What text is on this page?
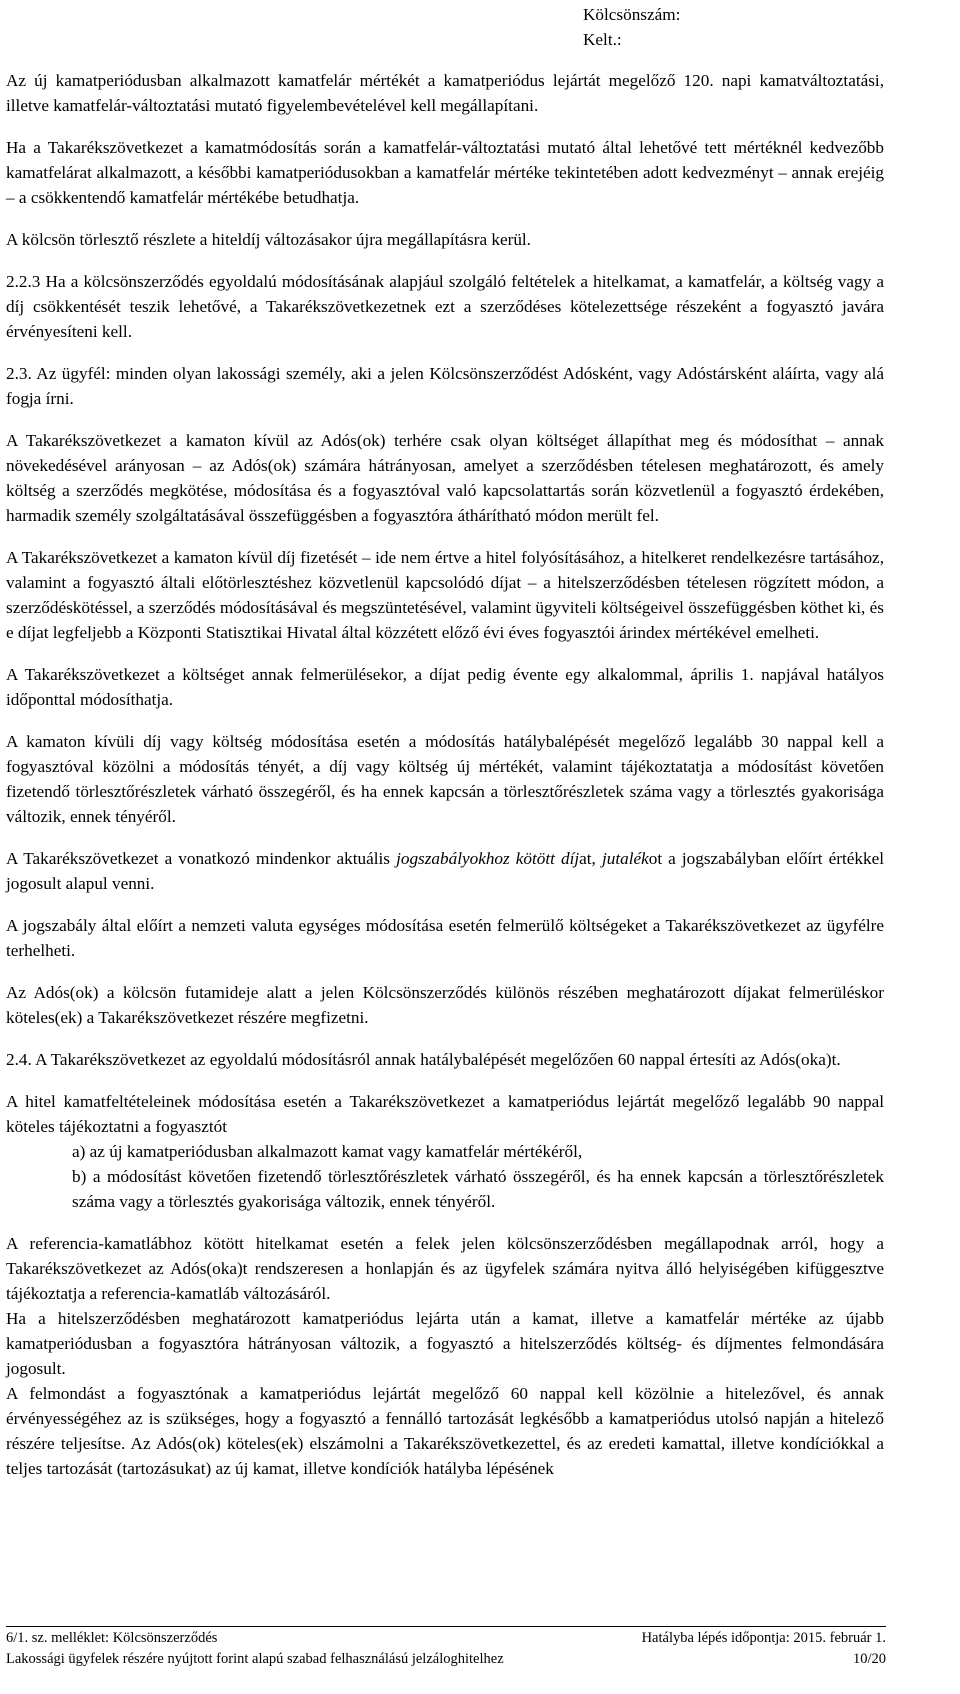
Kölcsönszám:
Kelt.:

Az új kamatperiódusban alkalmazott kamatfelár mértékét a kamatperiódus lejártát megelőző 120. napi kamatváltoztatási, illetve kamatfelár-változtatási mutató figyelembevételével kell megállapítani.

Ha a Takarékszövetkezet a kamatmódosítás során a kamatfelár-változtatási mutató által lehetővé tett mértéknél kedvezőbb kamatfelárat alkalmazott, a későbbi kamatperiódusokban a kamatfelár mértéke tekintetében adott kedvezményt – annak erejéig – a csökkentendő kamatfelár mértékébe betudhatja.

A kölcsön törlesztő részlete a hiteldíj változásakor újra megállapításra kerül.

2.2.3 Ha a kölcsönszerződés egyoldalú módosításának alapjául szolgáló feltételek a hitelkamat, a kamatfelár, a költség vagy a díj csökkentését teszik lehetővé, a Takarékszövetkezetnek ezt a szerződéses kötelezettsége részeként a fogyasztó javára érvényesíteni kell.

2.3. Az ügyfél: minden olyan lakossági személy, aki a jelen Kölcsönszerződést Adósként, vagy Adóstársként aláírta, vagy alá fogja írni.

A Takarékszövetkezet a kamaton kívül az Adós(ok) terhére csak olyan költséget állapíthat meg és módosíthat – annak növekedésével arányosan – az Adós(ok) számára hátrányosan, amelyet a szerződésben tételesen meghatározott, és amely költség a szerződés megkötése, módosítása és a fogyasztóval való kapcsolattartás során közvetlenül a fogyasztó érdekében, harmadik személy szolgáltatásával összefüggésben a fogyasztóra áthárítható módon merült fel.

A Takarékszövetkezet a kamaton kívül díj fizetését – ide nem értve a hitel folyósításához, a hitelkeret rendelkezésre tartásához, valamint a fogyasztó általi előtörlesztéshez közvetlenül kapcsolódó díjat – a hitelszerződésben tételesen rögzített módon, a szerződéskötéssel, a szerződés módosításával és megszüntetésével, valamint ügyviteli költségeivel összefüggésben köthet ki, és e díjat legfeljebb a Központi Statisztikai Hivatal által közzétett előző évi éves fogyasztói árindex mértékével emelheti.

A Takarékszövetkezet a költséget annak felmerülésekor, a díjat pedig évente egy alkalommal, április 1. napjával hatályos időponttal módosíthatja.

A kamaton kívüli díj vagy költség módosítása esetén a módosítás hatálybalépését megelőző legalább 30 nappal kell a fogyasztóval közölni a módosítás tényét, a díj vagy költség új mértékét, valamint tájékoztatatja a módosítást követően fizetendő törlesztőrészletek várható összegéről, és ha ennek kapcsán a törlesztőrészletek száma vagy a törlesztés gyakorisága változik, ennek tényéről.

A Takarékszövetkezet a vonatkozó mindenkor aktuális jogszabályokhoz kötött díjat, jutalékot a jogszabályban előírt értékkel jogosult alapul venni.

A jogszabály által előírt a nemzeti valuta egységes módosítása esetén felmerülő költségeket a Takarékszövetkezet az ügyfélre terhelheti.

Az Adós(ok) a kölcsön futamideje alatt a jelen Kölcsönszerződés különös részében meghatározott díjakat felmerüléskor köteles(ek) a Takarékszövetkezet részére megfizetni.

2.4. A Takarékszövetkezet az egyoldalú módosításról annak hatálybalépését megelőzően 60 nappal értesíti az Adós(oka)t.

A hitel kamatfeltételeinek módosítása esetén a Takarékszövetkezet a kamatperiódus lejártát megelőző legalább 90 nappal köteles tájékoztatni a fogyasztót

a) az új kamatperiódusban alkalmazott kamat vagy kamatfelár mértékéről,

b) a módosítást követően fizetendő törlesztőrészletek várható összegéről, és ha ennek kapcsán a törlesztőrészletek száma vagy a törlesztés gyakorisága változik, ennek tényéről.

A referencia-kamatlábhoz kötött hitelkamat esetén a felek jelen kölcsönszerződésben megállapodnak arról, hogy a Takarékszövetkezet az Adós(oka)t rendszeresen a honlapján és az ügyfelek számára nyitva álló helyiségében kifüggesztve tájékoztatja a referencia-kamatláb változásáról.

Ha a hitelszerződésben meghatározott kamatperiódus lejárta után a kamat, illetve a kamatfelár mértéke az újabb kamatperiódusban a fogyasztóra hátrányosan változik, a fogyasztó a hitelszerződés költség- és díjmentes felmondására jogosult.

A felmondást a fogyasztónak a kamatperiódus lejártát megelőző 60 nappal kell közölnie a hitelezővel, és annak érvényességéhez az is szükséges, hogy a fogyasztó a fennálló tartozását legkésőbb a kamatperiódus utolsó napján a hitelező részére teljesítse. Az Adós(ok) köteles(ek) elszámolni a Takarékszövetkezettel, és az eredeti kamattal, illetve kondíciókkal a teljes tartozását (tartozásukat) az új kamat, illetve kondíciók hatályba lépésének

6/1. sz. melléklet: Kölcsönszerződés	Hatályba lépés időpontja: 2015. február 1.
Lakossági ügyfelek részére nyújtott forint alapú szabad felhasználású jelzáloghitelhez	10/20
